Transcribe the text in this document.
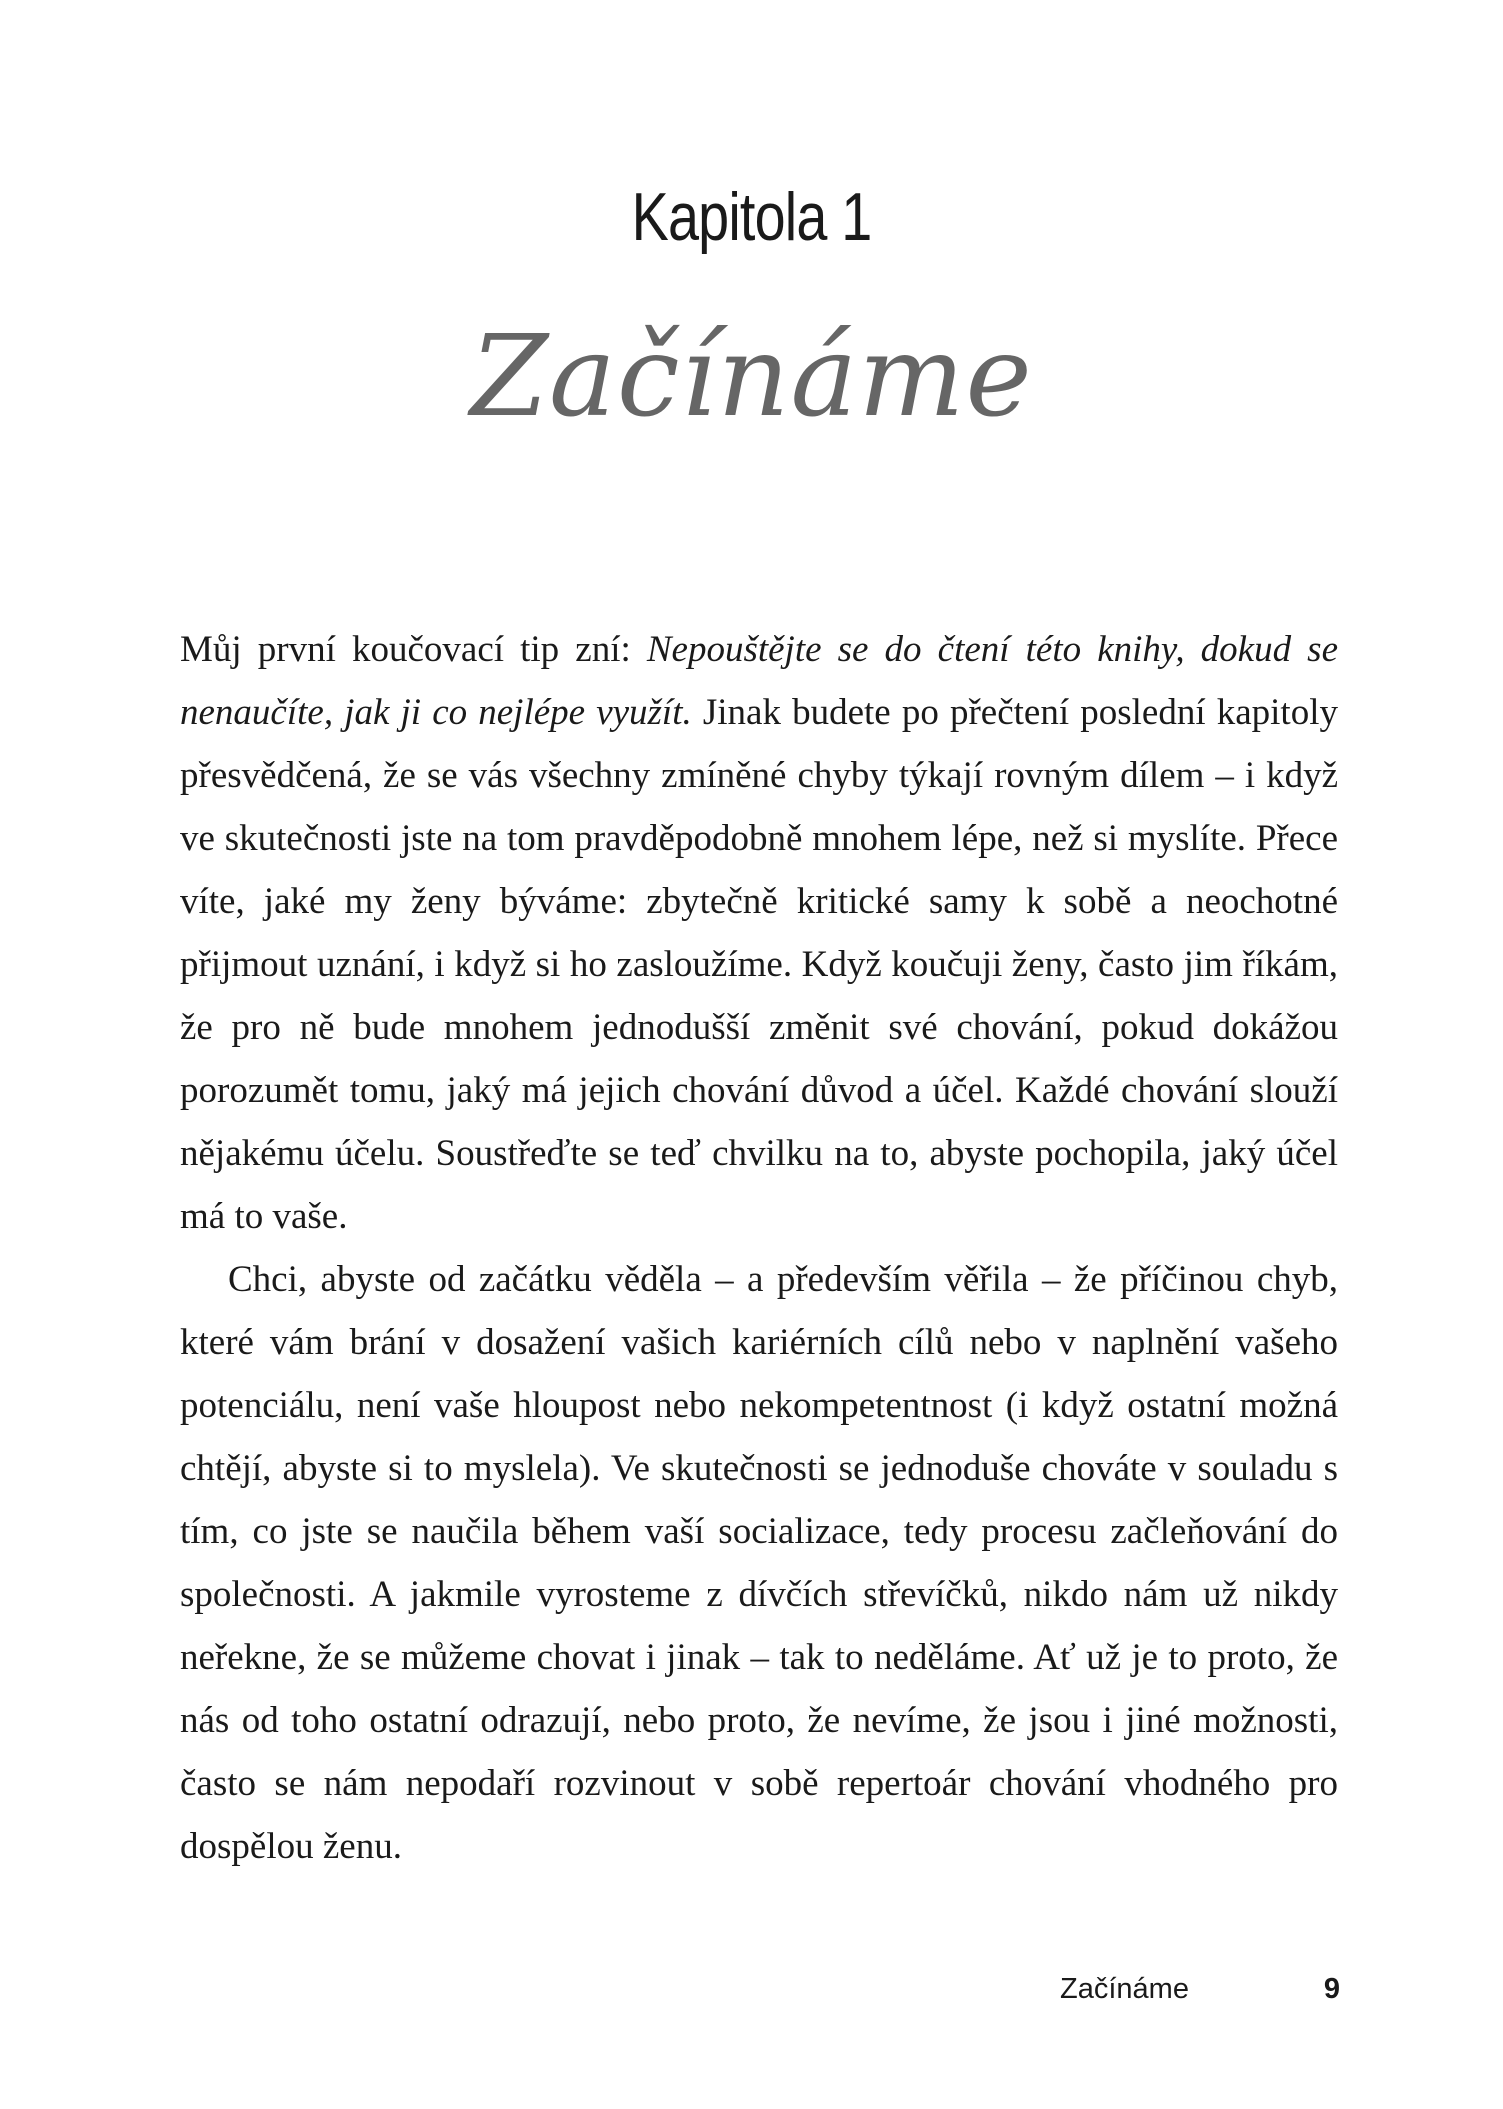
Kapitola 1
Začínáme

Můj první koučovací tip zní: Nepouštějte se do čtení této knihy, dokud se nenaučíte, jak ji co nejlépe využít. Jinak budete po přečtení poslední kapitoly přesvědčená, že se vás všechny zmíněné chyby týkají rovným dílem – i když ve skutečnosti jste na tom pravděpodobně mnohem lépe, než si myslíte. Přece víte, jaké my ženy býváme: zbytečně kritické samy k sobě a neochotné přijmout uznání, i když si ho zasloužíme. Když koučuji ženy, často jim říkám, že pro ně bude mnohem jednodušší změnit své chování, pokud dokážou porozumět tomu, jaký má jejich chování důvod a účel. Každé chování slouží nějakému účelu. Soustřeďte se teď chvilku na to, abyste pochopila, jaký účel má to vaše.

Chci, abyste od začátku věděla – a především věřila – že příčinou chyb, které vám brání v dosažení vašich kariérních cílů nebo v naplnění vašeho potenciálu, není vaše hloupost nebo nekompetentnost (i když ostatní možná chtějí, abyste si to myslela). Ve skutečnosti se jednoduše chováte v souladu s tím, co jste se naučila během vaší socializace, tedy procesu začleňování do společnosti. A jakmile vyrosteme z dívčích střevíčků, nikdo nám už nikdy neřekne, že se můžeme chovat i jinak – tak to neděláme. Ať už je to proto, že nás od toho ostatní odrazují, nebo proto, že nevíme, že jsou i jiné možnosti, často se nám nepodaří rozvinout v sobě repertoár chování vhodného pro dospělou ženu.

Začínáme	9
